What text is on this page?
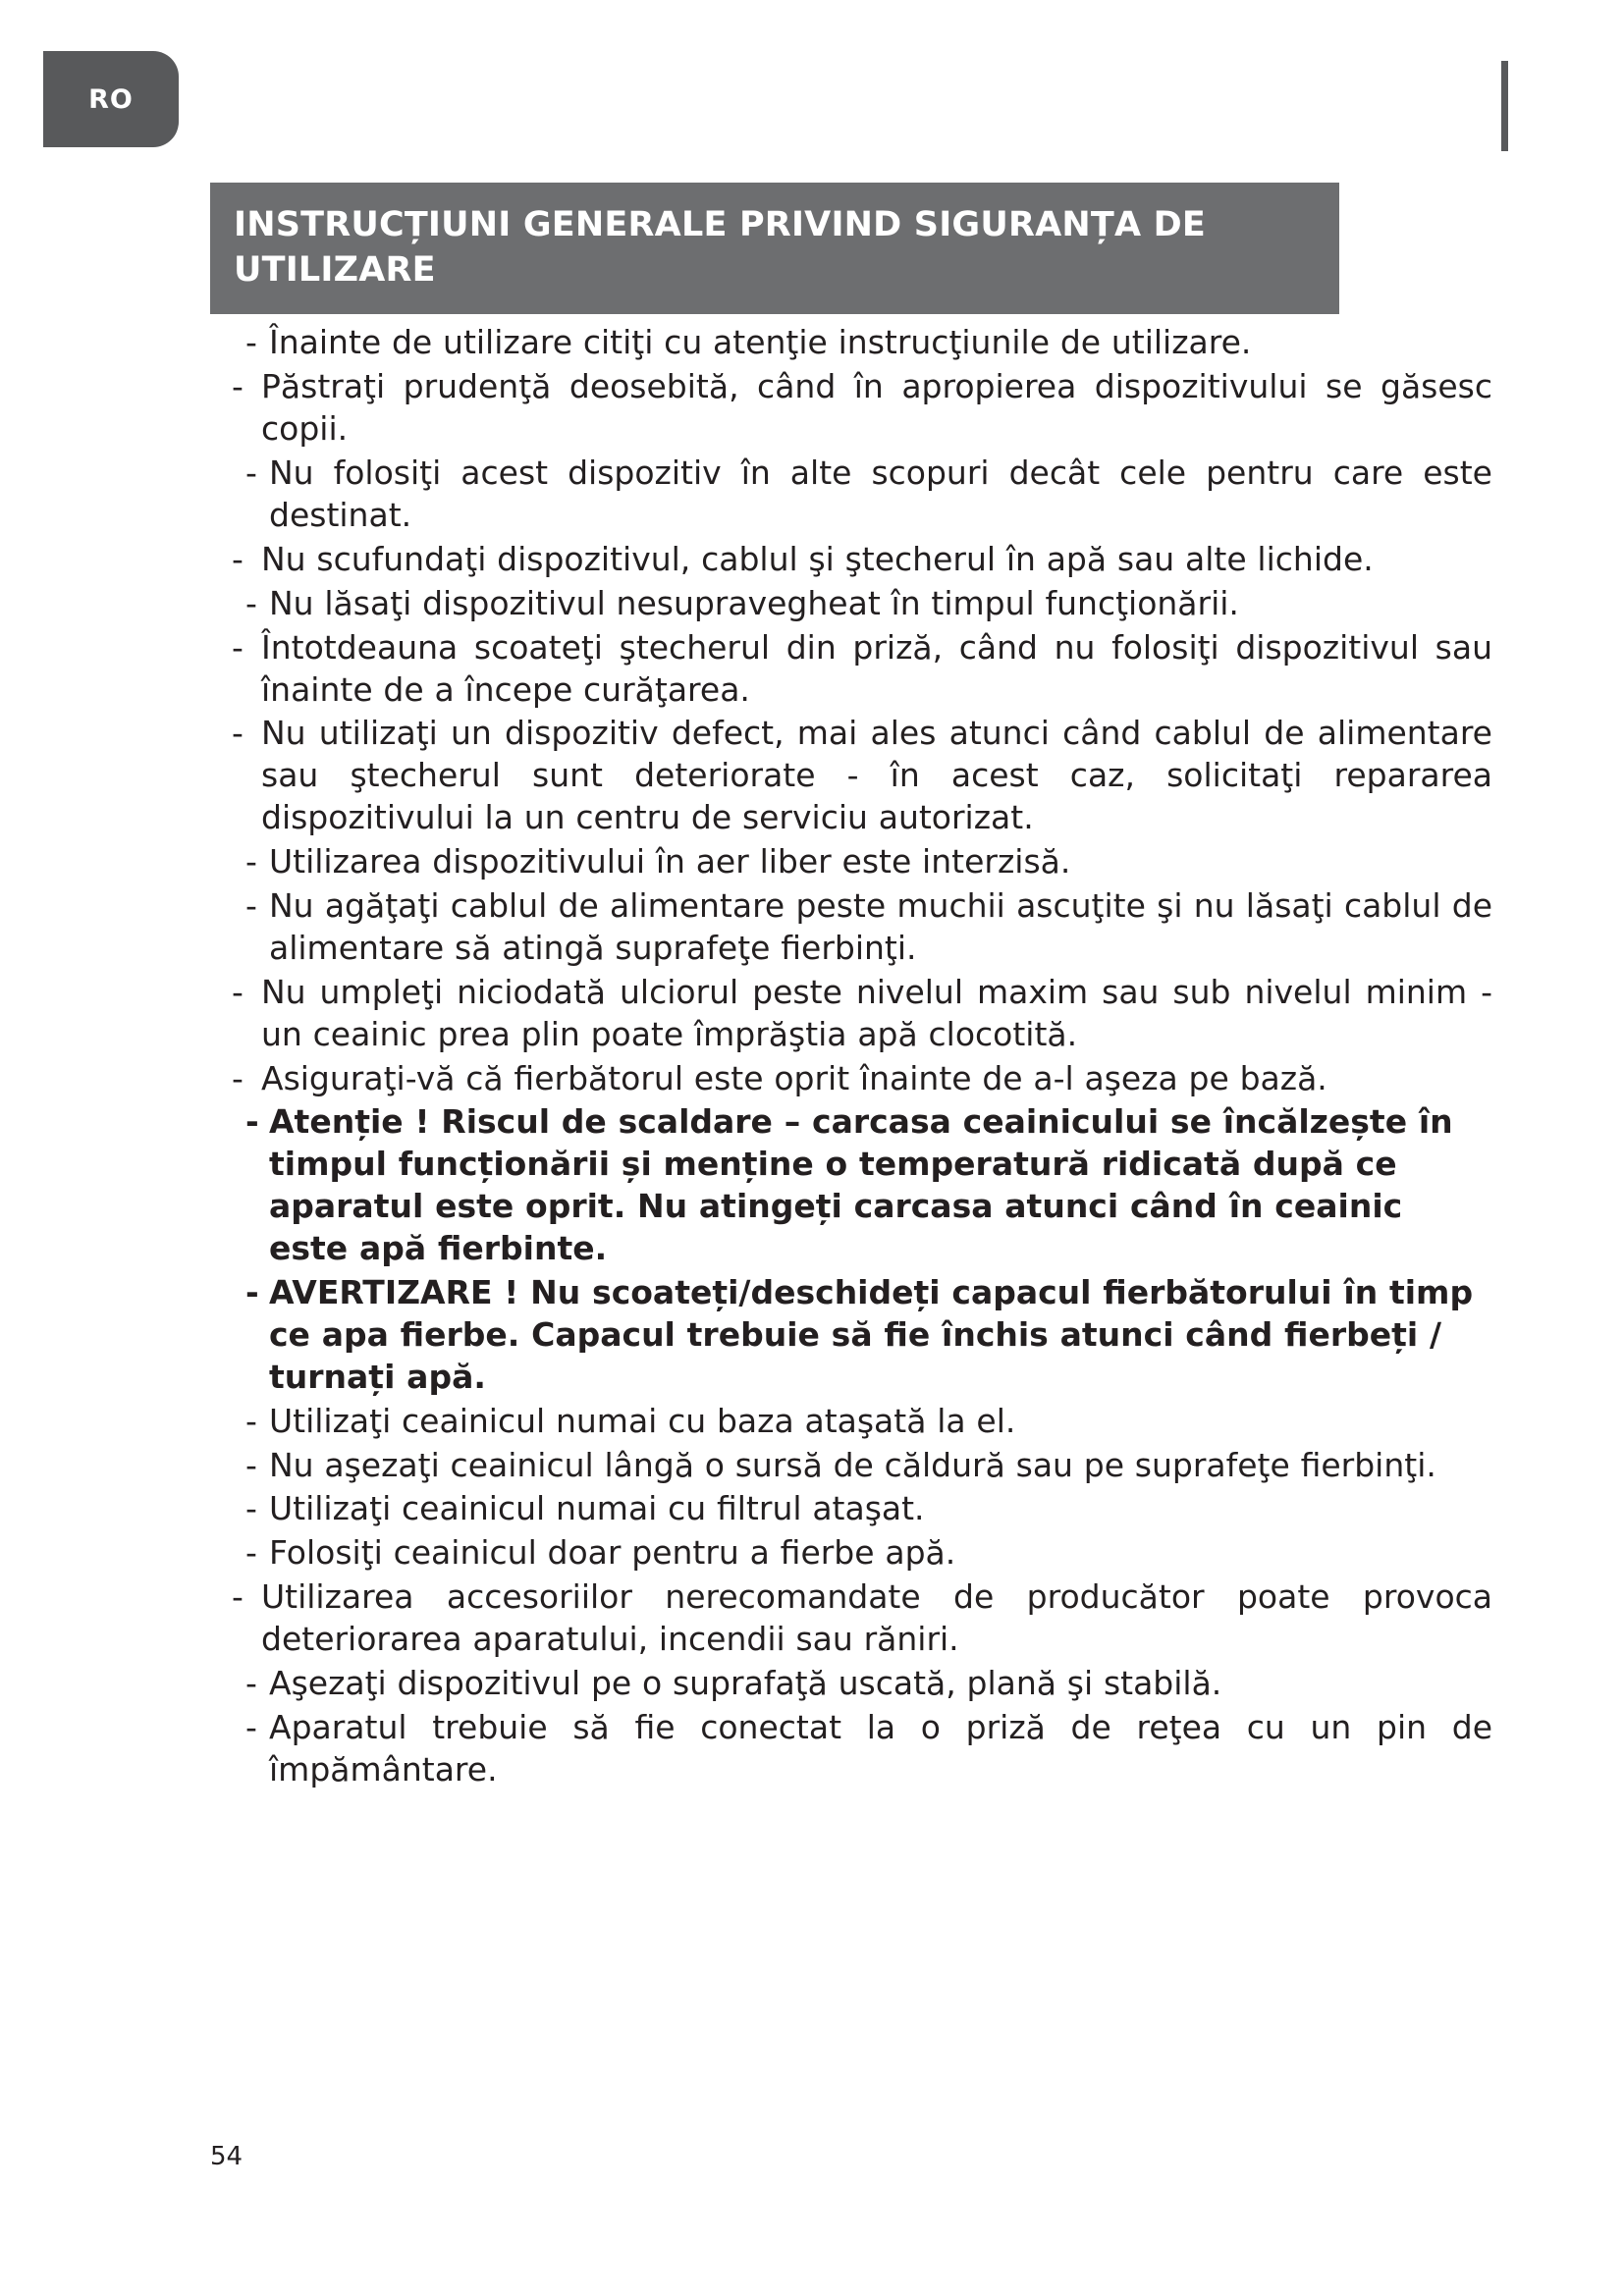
RO
INSTRUCȚIUNI GENERALE PRIVIND SIGURANȚA DE UTILIZARE
- Înainte de utilizare citiţi cu atenţie instrucţiunile de utilizare.
- Păstraţi prudenţă deosebită, când în apropierea dispozitivului se găsesc copii.
- Nu folosiţi acest dispozitiv în alte scopuri decât cele pentru care este destinat.
- Nu scufundaţi dispozitivul, cablul şi ştecherul în apă sau alte lichide.
- Nu lăsaţi dispozitivul nesupravegheat în timpul funcţionării.
- Întotdeauna scoateţi ştecherul din priză, când nu folosiţi dispozitivul sau înainte de a începe curăţarea.
- Nu utilizaţi un dispozitiv defect, mai ales atunci când cablul de alimentare sau ştecherul sunt deteriorate - în acest caz, solicitaţi repararea dispozitivului la un centru de serviciu autorizat.
- Utilizarea dispozitivului în aer liber este interzisă.
- Nu agăţaţi cablul de alimentare peste muchii ascuţite şi nu lăsaţi cablul de alimentare să atingă suprafeţe fierbinţi.
- Nu umpleţi niciodată ulciorul peste nivelul maxim sau sub nivelul minim - un ceainic prea plin poate împrăştia apă clocotită.
- Asiguraţi-vă că fierbătorul este oprit înainte de a-l aşeza pe bază.
- Atenție ! Riscul de scaldare – carcasa ceainicului se încălzește în timpul funcționării și menține o temperatură ridicată după ce aparatul este oprit. Nu atingeți carcasa atunci când în ceainic este apă fierbinte.
- AVERTIZARE ! Nu scoateți/deschideți capacul fierbătorului în timp ce apa fierbe. Capacul trebuie să fie închis atunci când fierbeți / turnați apă.
- Utilizaţi ceainicul numai cu baza ataşată la el.
- Nu aşezaţi ceainicul lângă o sursă de căldură sau pe suprafeţe fierbinţi.
- Utilizaţi ceainicul numai cu filtrul ataşat.
- Folosiţi ceainicul doar pentru a fierbe apă.
- Utilizarea accesoriilor nerecomandate de producător poate provoca deteriorarea aparatului, incendii sau răniri.
- Aşezaţi dispozitivul pe o suprafaţă uscată, plană şi stabilă.
- Aparatul trebuie să fie conectat la o priză de reţea cu un pin de împământare.
54
